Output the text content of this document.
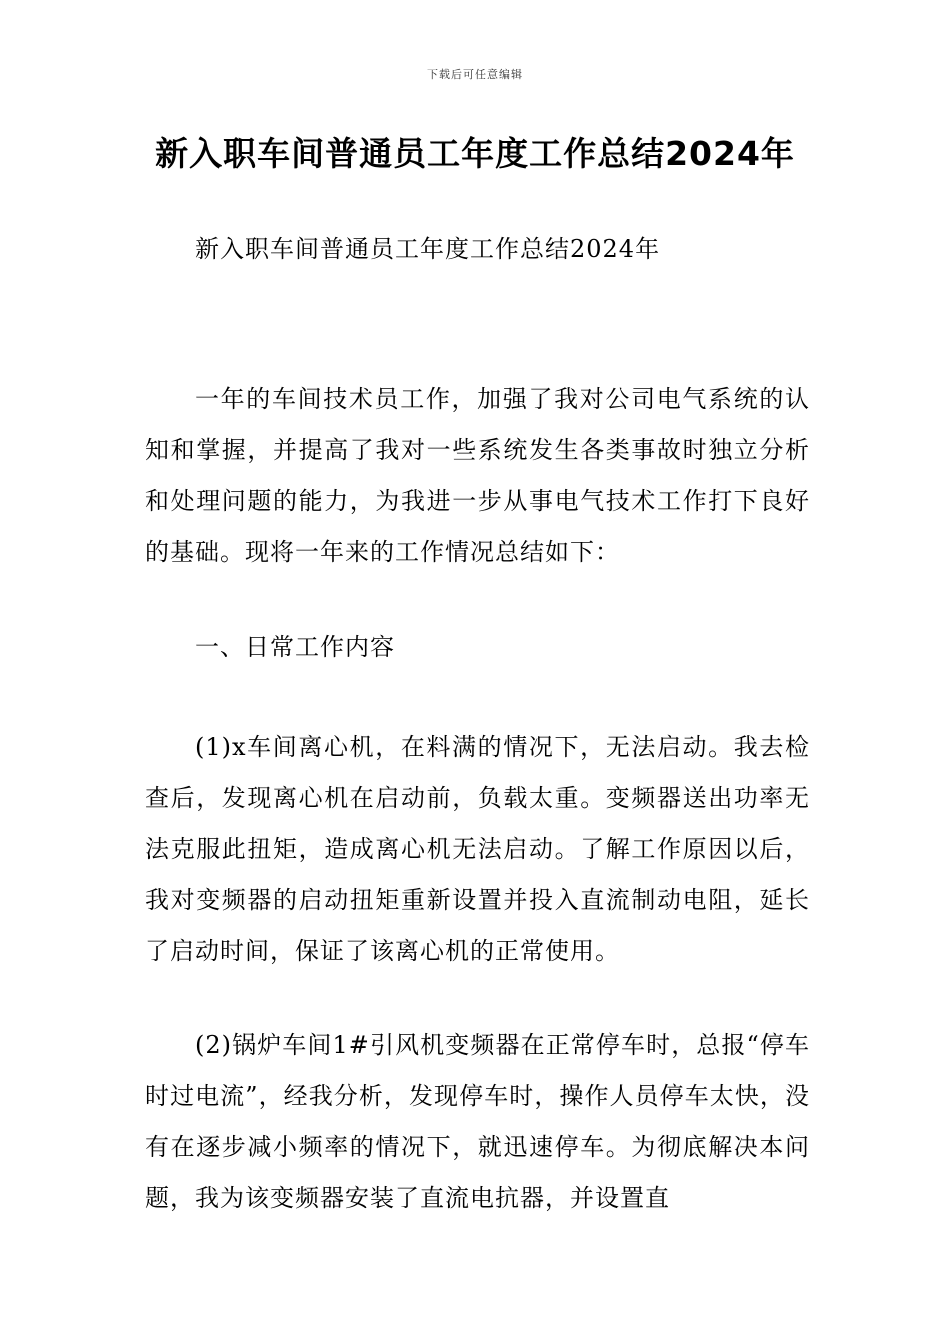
下载后可任意编辑
新入职车间普通员工年度工作总结2024年

新入职车间普通员工年度工作总结2024年

一年的车间技术员工作，加强了我对公司电气系统的认知和掌握，并提高了我对一些系统发生各类事故时独立分析和处理问题的能力，为我进一步从事电气技术工作打下良好的基础。现将一年来的工作情况总结如下：

一、日常工作内容

(1)x车间离心机，在料满的情况下，无法启动。我去检查后，发现离心机在启动前，负载太重。变频器送出功率无法克服此扭矩，造成离心机无法启动。了解工作原因以后，我对变频器的启动扭矩重新设置并投入直流制动电阻，延长了启动时间，保证了该离心机的正常使用。

(2)锅炉车间1#引风机变频器在正常停车时，总报“停车时过电流”，经我分析，发现停车时，操作人员停车太快，没有在逐步减小频率的情况下，就迅速停车。为彻底解决本问题，我为该变频器安装了直流电抗器，并设置直
